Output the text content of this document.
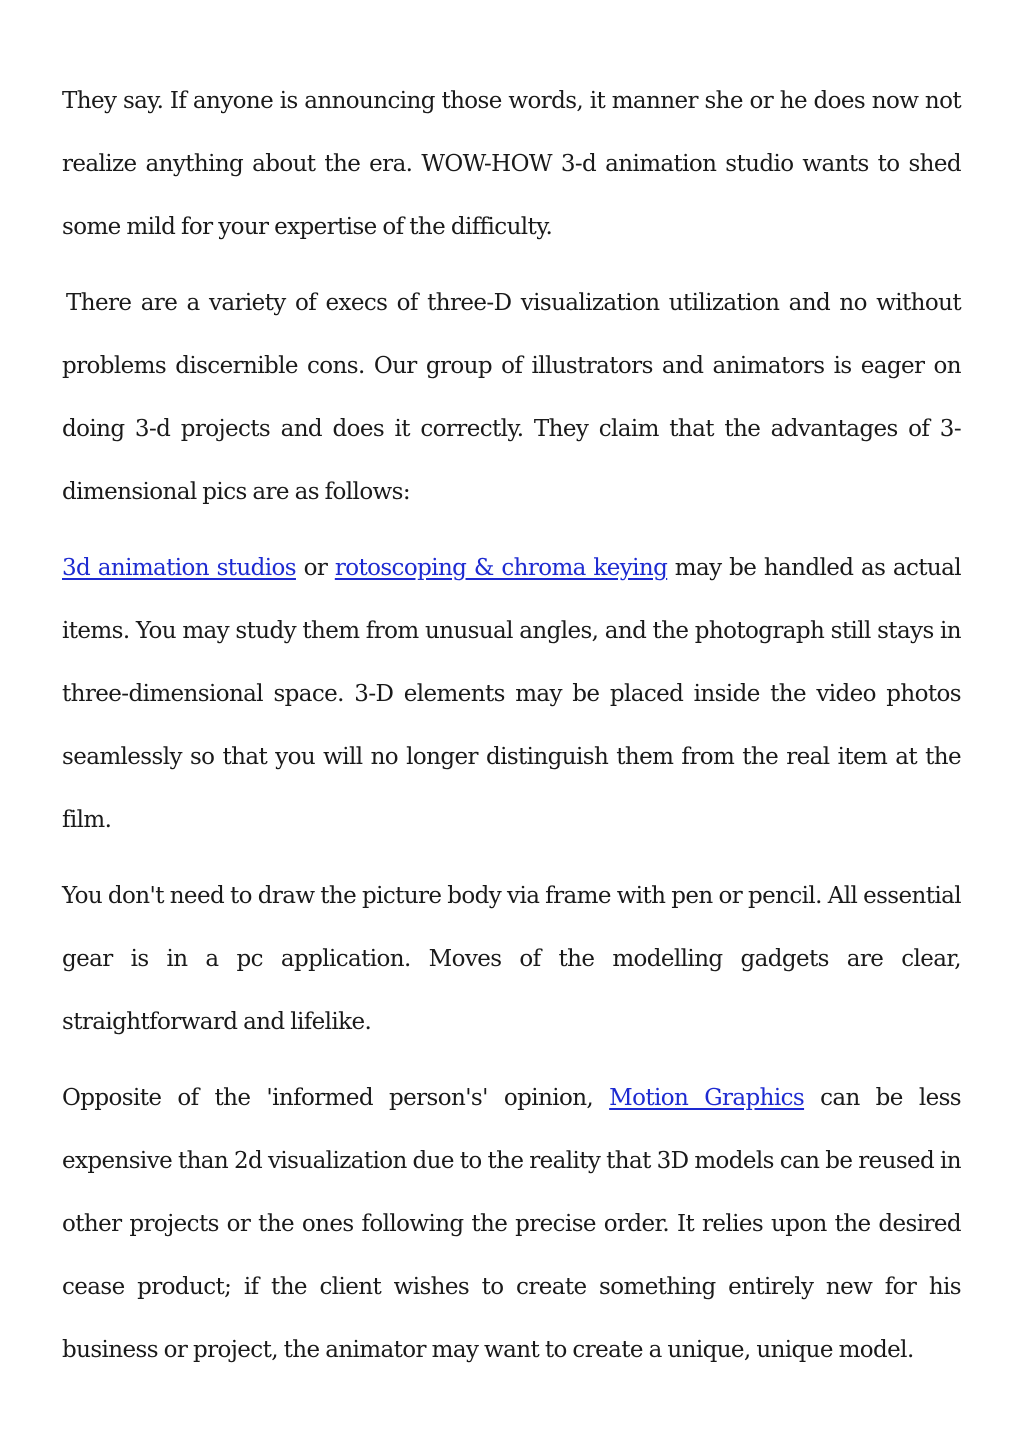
They say. If anyone is announcing those words, it manner she or he does now not realize anything about the era. WOW-HOW 3-d animation studio wants to shed some mild for your expertise of the difficulty.

There are a variety of execs of three-D visualization utilization and no without problems discernible cons. Our group of illustrators and animators is eager on doing 3-d projects and does it correctly. They claim that the advantages of 3-dimensional pics are as follows:

3d animation studios or rotoscoping & chroma keying may be handled as actual items. You may study them from unusual angles, and the photograph still stays in three-dimensional space. 3-D elements may be placed inside the video photos seamlessly so that you will no longer distinguish them from the real item at the film.

You don't need to draw the picture body via frame with pen or pencil. All essential gear is in a pc application. Moves of the modelling gadgets are clear, straightforward and lifelike.

Opposite of the 'informed person's' opinion, Motion Graphics can be less expensive than 2d visualization due to the reality that 3D models can be reused in other projects or the ones following the precise order. It relies upon the desired cease product; if the client wishes to create something entirely new for his business or project, the animator may want to create a unique, unique model.
